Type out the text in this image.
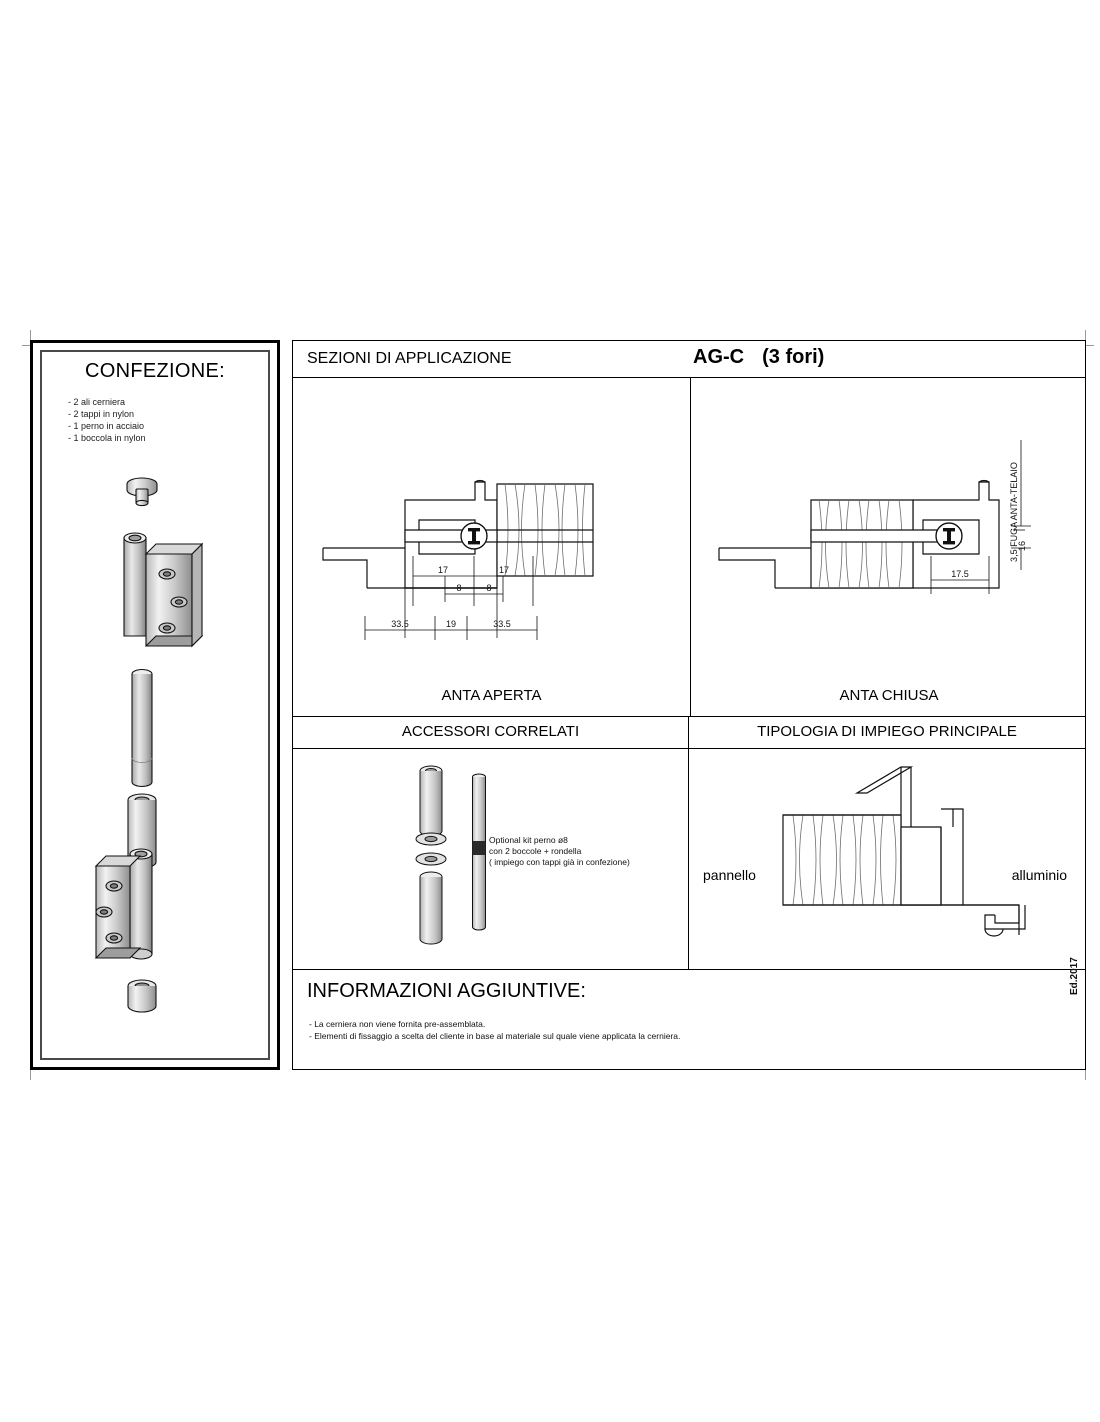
CONFEZIONE:
- 2 ali cerniera
- 2 tappi in nylon
- 1 perno in acciaio
- 1 boccola in nylon
SEZIONI DI APPLICAZIONE	AG-C (3 fori)
17	17
8	8
33.5	19	33.5
ANTA APERTA
3,5 FUGA ANTA-TELAIO
16
17.5
ANTA CHIUSA
ACCESSORI CORRELATI	TIPOLOGIA DI IMPIEGO PRINCIPALE
Optional kit perno ø8
con 2 boccole + rondella
( impiego con tappi già in confezione)
pannello	alluminio
INFORMAZIONI AGGIUNTIVE:
- La cerniera non viene fornita pre-assemblata.
- Elementi di fissaggio a scelta del cliente in base al materiale sul quale viene applicata la cerniera.
Ed.2017
